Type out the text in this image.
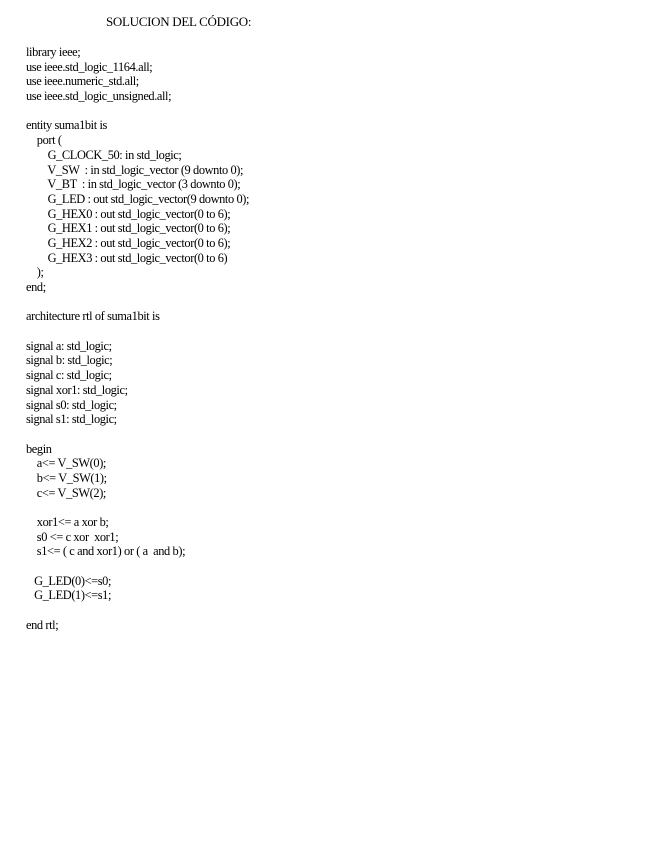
SOLUCION DEL CÓDIGO:
library ieee;
use ieee.std_logic_1164.all;
use ieee.numeric_std.all;
use ieee.std_logic_unsigned.all;
entity suma1bit is
port (
G_CLOCK_50: in std_logic;
V_SW  : in std_logic_vector (9 downto 0);
V_BT  : in std_logic_vector (3 downto 0);
G_LED : out std_logic_vector(9 downto 0);
G_HEX0 : out std_logic_vector(0 to 6);
G_HEX1 : out std_logic_vector(0 to 6);
G_HEX2 : out std_logic_vector(0 to 6);
G_HEX3 : out std_logic_vector(0 to 6)
);
end;
architecture rtl of suma1bit is
signal a: std_logic;
signal b: std_logic;
signal c: std_logic;
signal xor1: std_logic;
signal s0: std_logic;
signal s1: std_logic;
begin
a<= V_SW(0);
b<= V_SW(1);
c<= V_SW(2);
xor1<= a xor b;
s0 <= c xor  xor1;
s1<= ( c and xor1) or ( a  and b);
G_LED(0)<=s0;
G_LED(1)<=s1;
end rtl;
